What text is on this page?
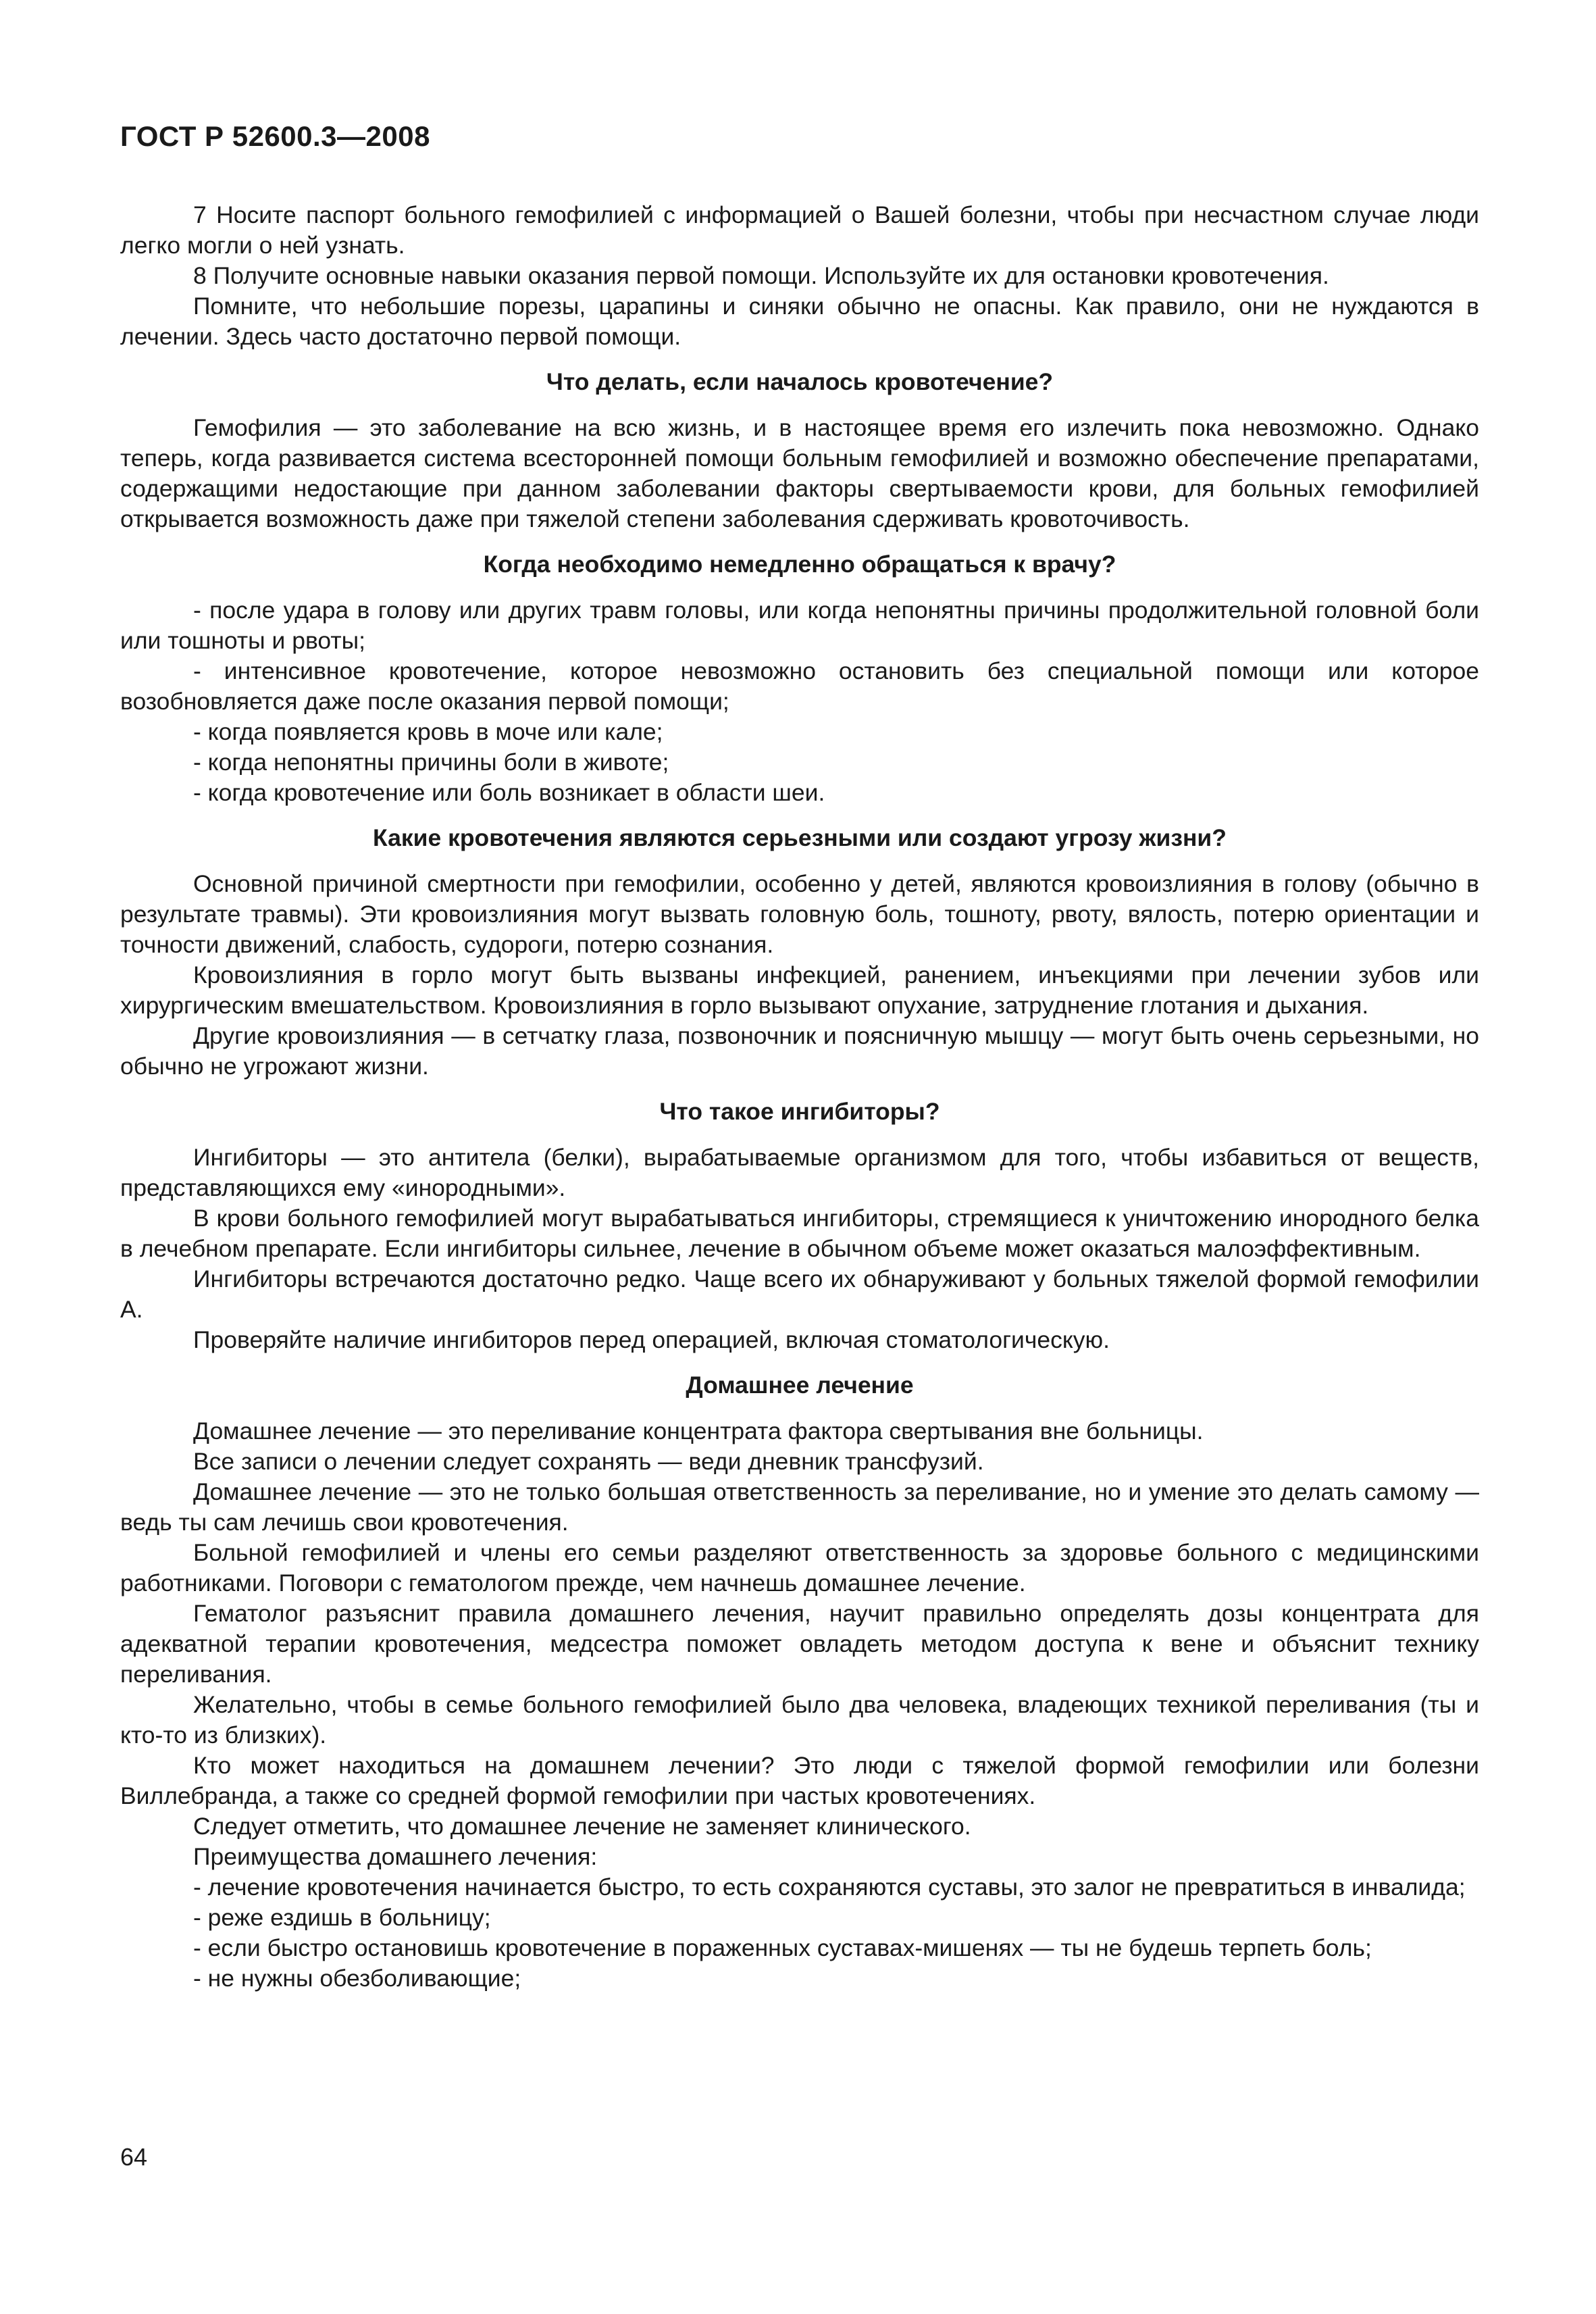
ГОСТ Р 52600.3—2008

7 Носите паспорт больного гемофилией с информацией о Вашей болезни, чтобы при несчастном случае люди легко могли о ней узнать.

8 Получите основные навыки оказания первой помощи. Используйте их для остановки кровотечения.

Помните, что небольшие порезы, царапины и синяки обычно не опасны. Как правило, они не нуждаются в лечении. Здесь часто достаточно первой помощи.

Что делать, если началось кровотечение?

Гемофилия — это заболевание на всю жизнь, и в настоящее время его излечить пока невозможно. Однако теперь, когда развивается система всесторонней помощи больным гемофилией и возможно обеспечение препаратами, содержащими недостающие при данном заболевании факторы свертываемости крови, для больных гемофилией открывается возможность даже при тяжелой степени заболевания сдерживать кровоточивость.

Когда необходимо немедленно обращаться к врачу?

- после удара в голову или других травм головы, или когда непонятны причины продолжительной головной боли или тошноты и рвоты;

- интенсивное кровотечение, которое невозможно остановить без специальной помощи или которое возобновляется даже после оказания первой помощи;

- когда появляется кровь в моче или кале;

- когда непонятны причины боли в животе;

- когда кровотечение или боль возникает в области шеи.

Какие кровотечения являются серьезными или создают угрозу жизни?

Основной причиной смертности при гемофилии, особенно у детей, являются кровоизлияния в голову (обычно в результате травмы). Эти кровоизлияния могут вызвать головную боль, тошноту, рвоту, вялость, потерю ориентации и точности движений, слабость, судороги, потерю сознания.

Кровоизлияния в горло могут быть вызваны инфекцией, ранением, инъекциями при лечении зубов или хирургическим вмешательством. Кровоизлияния в горло вызывают опухание, затруднение глотания и дыхания.

Другие кровоизлияния — в сетчатку глаза, позвоночник и поясничную мышцу — могут быть очень серьезными, но обычно не угрожают жизни.

Что такое ингибиторы?

Ингибиторы — это антитела (белки), вырабатываемые организмом для того, чтобы избавиться от веществ, представляющихся ему «инородными».

В крови больного гемофилией могут вырабатываться ингибиторы, стремящиеся к уничтожению инородного белка в лечебном препарате. Если ингибиторы сильнее, лечение в обычном объеме может оказаться малоэффективным.

Ингибиторы встречаются достаточно редко. Чаще всего их обнаруживают у больных тяжелой формой гемофилии А.

Проверяйте наличие ингибиторов перед операцией, включая стоматологическую.

Домашнее лечение

Домашнее лечение — это переливание концентрата фактора свертывания вне больницы.

Все записи о лечении следует сохранять — веди дневник трансфузий.

Домашнее лечение — это не только большая ответственность за переливание, но и умение это делать самому — ведь ты сам лечишь свои кровотечения.

Больной гемофилией и члены его семьи разделяют ответственность за здоровье больного с медицинскими работниками. Поговори с гематологом прежде, чем начнешь домашнее лечение.

Гематолог разъяснит правила домашнего лечения, научит правильно определять дозы концентрата для адекватной терапии кровотечения, медсестра поможет овладеть методом доступа к вене и объяснит технику переливания.

Желательно, чтобы в семье больного гемофилией было два человека, владеющих техникой переливания (ты и кто-то из близких).

Кто может находиться на домашнем лечении? Это люди с тяжелой формой гемофилии или болезни Виллебранда, а также со средней формой гемофилии при частых кровотечениях.

Следует отметить, что домашнее лечение не заменяет клинического.

Преимущества домашнего лечения:

- лечение кровотечения начинается быстро, то есть сохраняются суставы, это залог не превратиться в инвалида;

- реже ездишь в больницу;

- если быстро остановишь кровотечение в пораженных суставах-мишенях — ты не будешь терпеть боль;

- не нужны обезболивающие;

64
